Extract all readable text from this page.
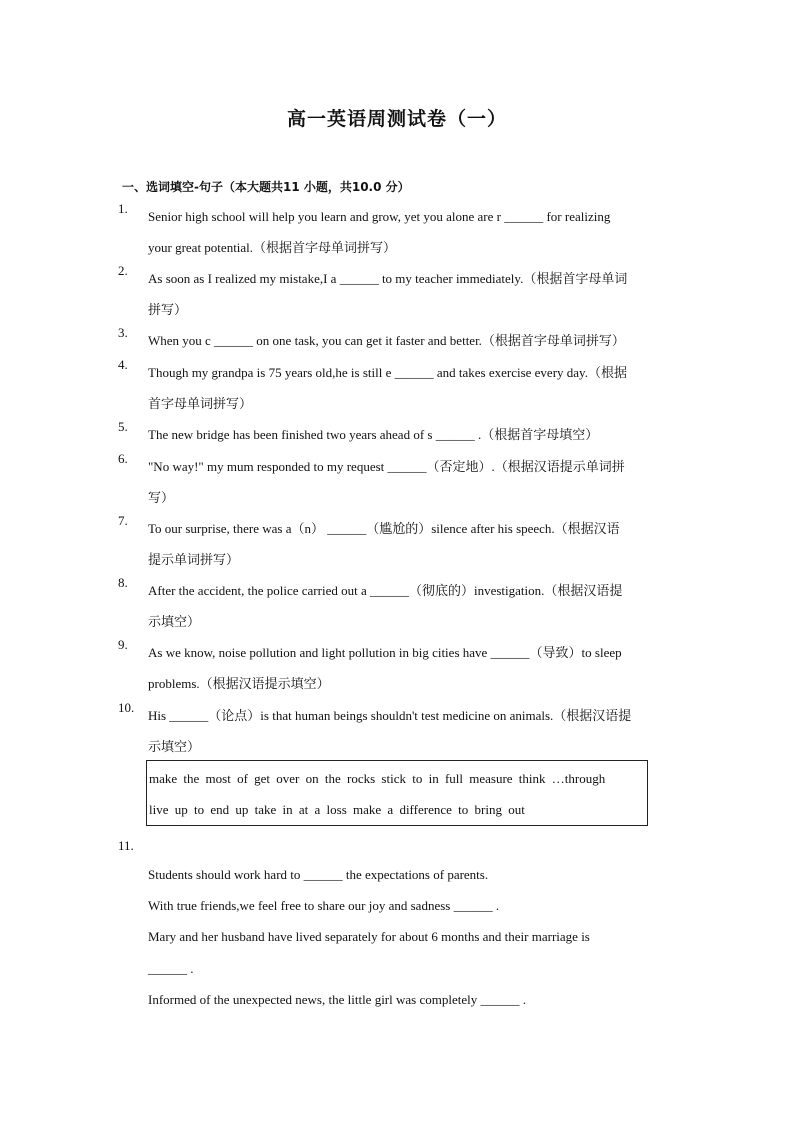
高一英语周测试卷（一）
一、选词填空-句子（本大题共11 小题，共10.0 分）
1.
Senior high school will help you learn and grow, yet you alone are r ______ for realizing
your great potential.（根据首字母单词拼写）
2.
As soon as I realized my mistake,I a ______ to my teacher immediately.（根据首字母单词
拼写）
3.
When you c ______ on one task, you can get it faster and better.（根据首字母单词拼写）
4.
Though my grandpa is 75 years old,he is still e ______ and takes exercise every day.（根据
首字母单词拼写）
5.
The new bridge has been finished two years ahead of s ______ .（根据首字母填空）
6.
"No way!" my mum responded to my request ______（否定地）.（根据汉语提示单词拼
写）
7.
To our surprise, there was a（n） ______（尴尬的）silence after his speech.（根据汉语
提示单词拼写）
8.
After the accident, the police carried out a ______（彻底的）investigation.（根据汉语提
示填空）
9.
As we know, noise pollution and light pollution in big cities have ______（导致）to sleep
problems.（根据汉语提示填空）
10.
His ______（论点）is that human beings shouldn't test medicine on animals.（根据汉语提
示填空）
make the most of get over on the rocks stick to in full measure think …through
live up to end up take in at a loss make a difference to bring out
11.
Students should work hard to ______ the expectations of parents.
With true friends,we feel free to share our joy and sadness ______ .
Mary and her husband have lived separately for about 6 months and their marriage is
______ .
Informed of the unexpected news, the little girl was completely ______ .
